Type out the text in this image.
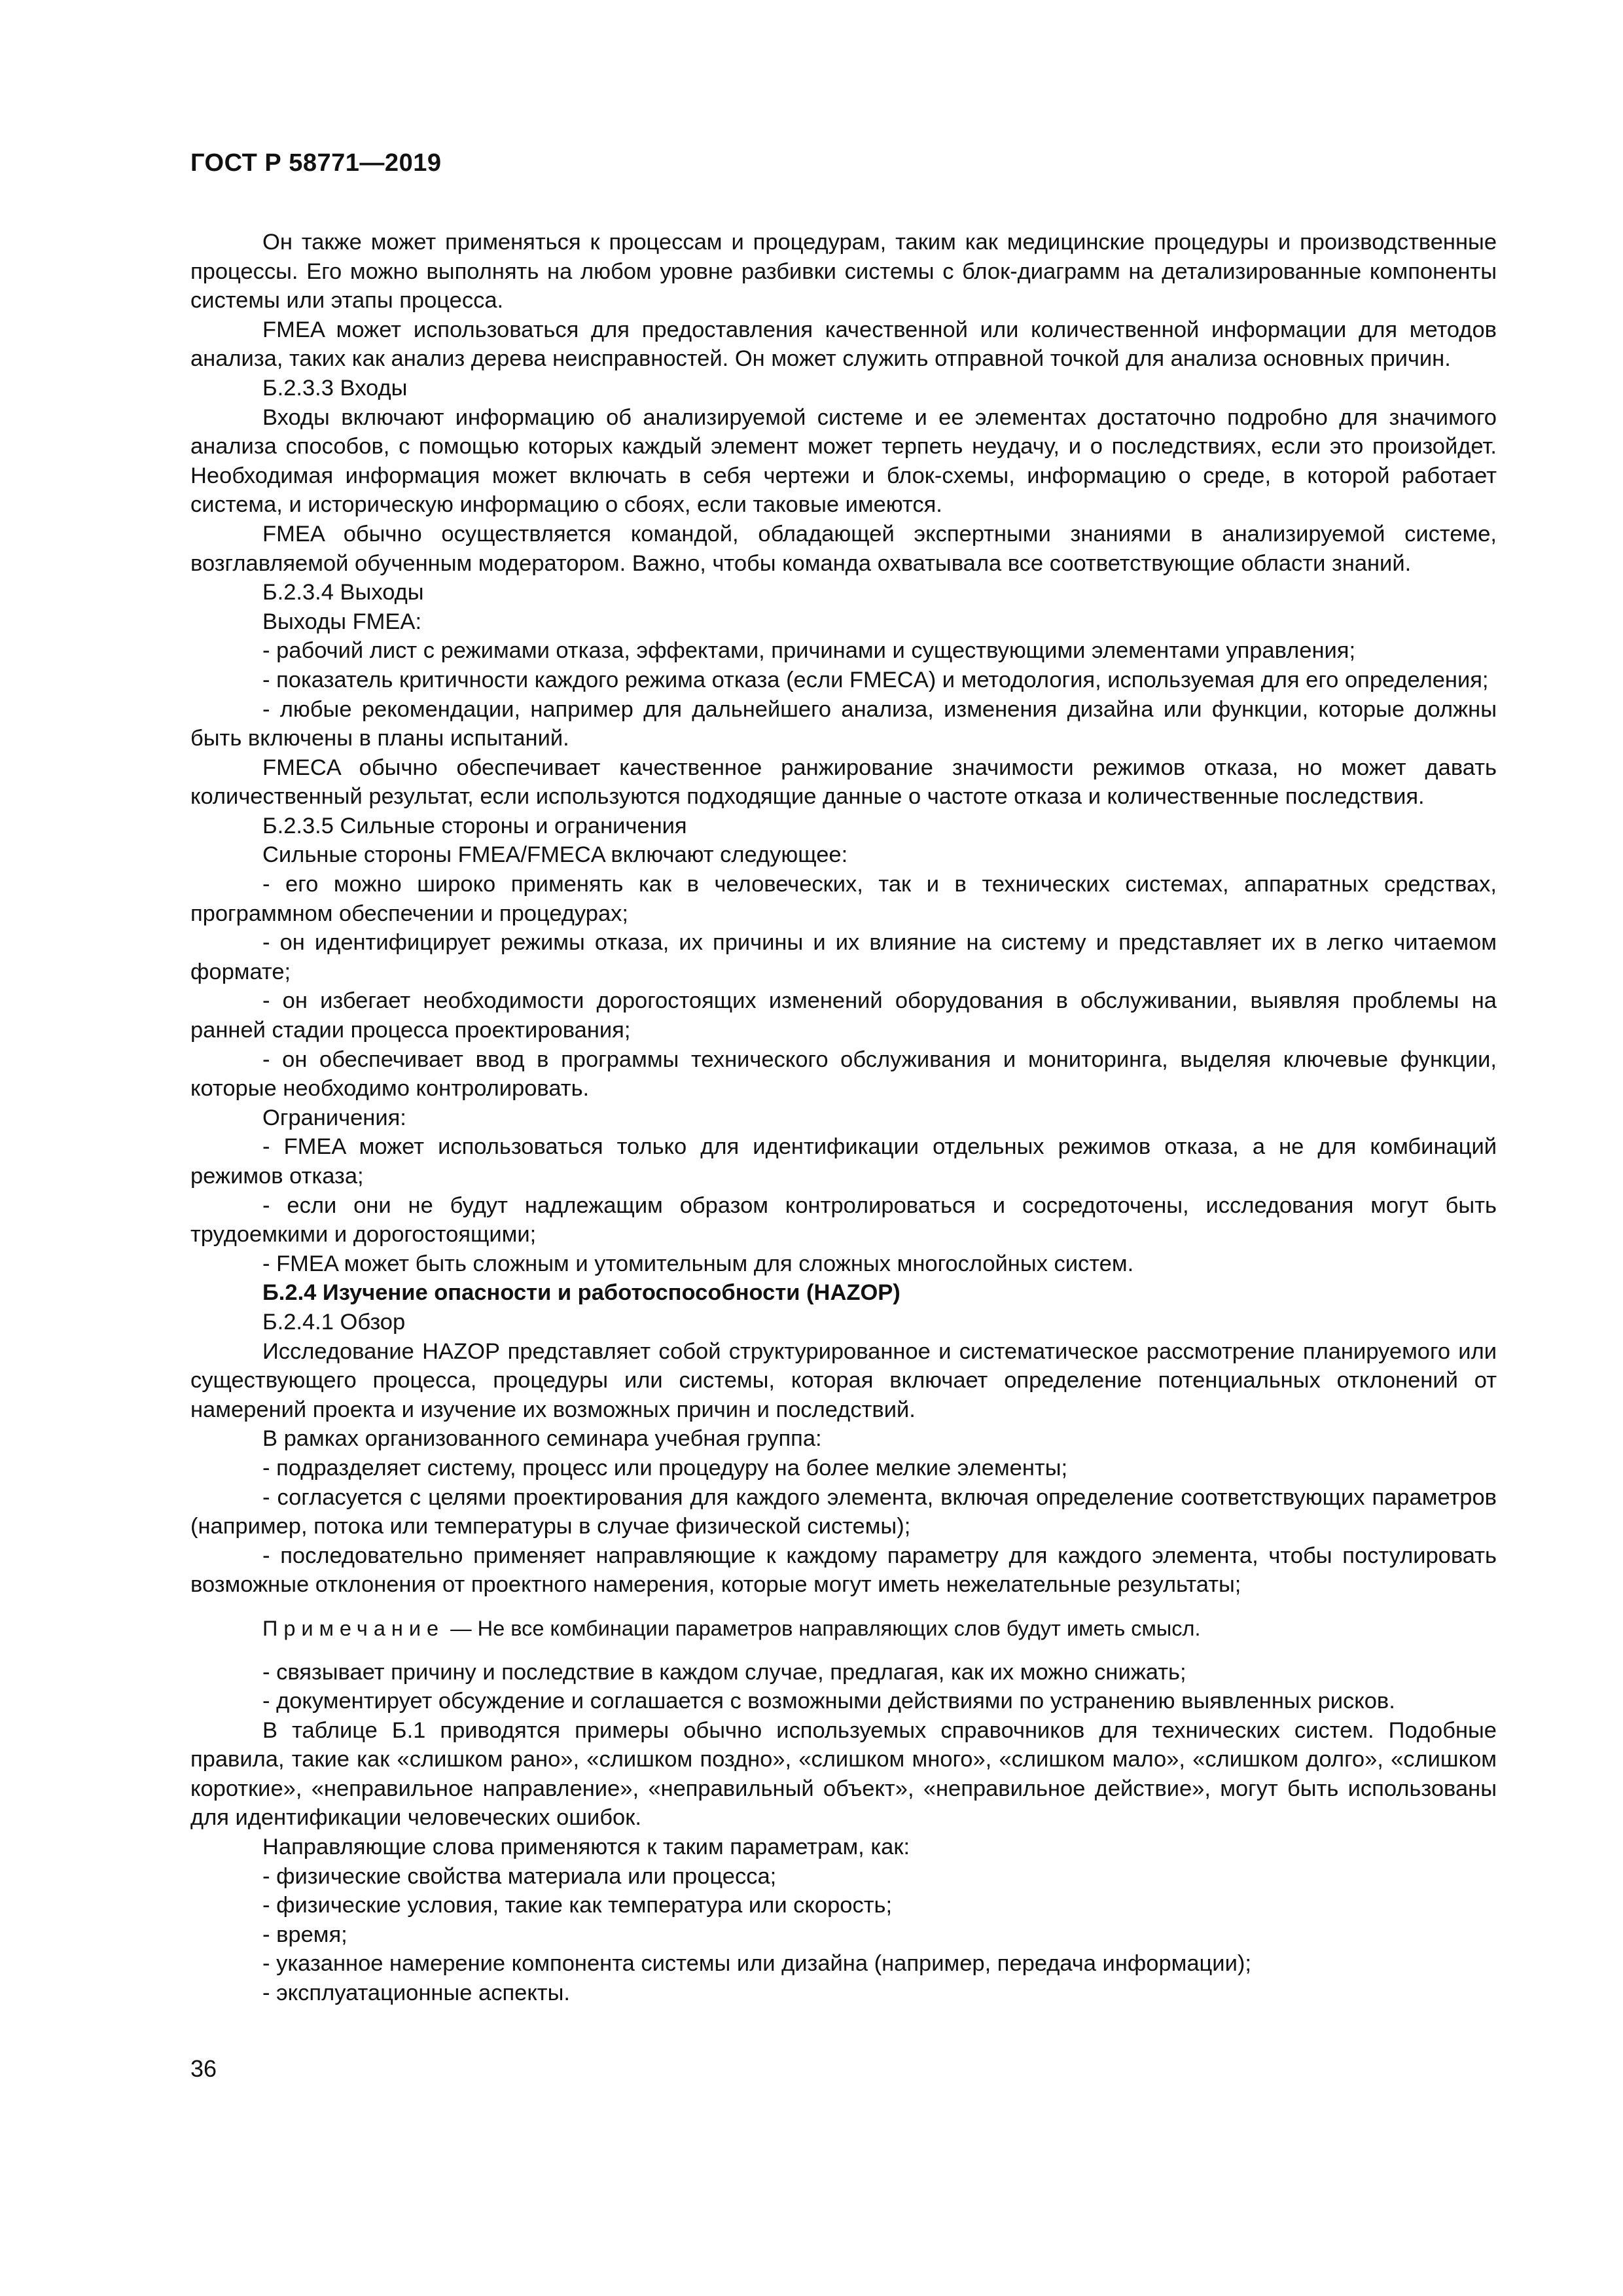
ГОСТ Р 58771—2019

Он также может применяться к процессам и процедурам, таким как медицинские процедуры и производственные процессы. Его можно выполнять на любом уровне разбивки системы с блок-диаграмм на детализированные компоненты системы или этапы процесса.

FMEA может использоваться для предоставления качественной или количественной информации для методов анализа, таких как анализ дерева неисправностей. Он может служить отправной точкой для анализа основных причин.

Б.2.3.3 Входы

Входы включают информацию об анализируемой системе и ее элементах достаточно подробно для значимого анализа способов, с помощью которых каждый элемент может терпеть неудачу, и о последствиях, если это произойдет. Необходимая информация может включать в себя чертежи и блок-схемы, информацию о среде, в которой работает система, и историческую информацию о сбоях, если таковые имеются.

FMEA обычно осуществляется командой, обладающей экспертными знаниями в анализируемой системе, возглавляемой обученным модератором. Важно, чтобы команда охватывала все соответствующие области знаний.

Б.2.3.4 Выходы

Выходы FMEA:

- рабочий лист с режимами отказа, эффектами, причинами и существующими элементами управления;

- показатель критичности каждого режима отказа (если FMECA) и методология, используемая для его определения;

- любые рекомендации, например для дальнейшего анализа, изменения дизайна или функции, которые должны быть включены в планы испытаний.

FMECA обычно обеспечивает качественное ранжирование значимости режимов отказа, но может давать количественный результат, если используются подходящие данные о частоте отказа и количественные последствия.

Б.2.3.5 Сильные стороны и ограничения

Сильные стороны FMEA/FMECA включают следующее:

- его можно широко применять как в человеческих, так и в технических системах, аппаратных средствах, программном обеспечении и процедурах;

- он идентифицирует режимы отказа, их причины и их влияние на систему и представляет их в легко читаемом формате;

- он избегает необходимости дорогостоящих изменений оборудования в обслуживании, выявляя проблемы на ранней стадии процесса проектирования;

- он обеспечивает ввод в программы технического обслуживания и мониторинга, выделяя ключевые функции, которые необходимо контролировать.

Ограничения:

- FMEA может использоваться только для идентификации отдельных режимов отказа, а не для комбинаций режимов отказа;

- если они не будут надлежащим образом контролироваться и сосредоточены, исследования могут быть трудоемкими и дорогостоящими;

- FMEA может быть сложным и утомительным для сложных многослойных систем.

Б.2.4 Изучение опасности и работоспособности (HAZOP)

Б.2.4.1 Обзор

Исследование HAZOP представляет собой структурированное и систематическое рассмотрение планируемого или существующего процесса, процедуры или системы, которая включает определение потенциальных отклонений от намерений проекта и изучение их возможных причин и последствий.

В рамках организованного семинара учебная группа:

- подразделяет систему, процесс или процедуру на более мелкие элементы;

- согласуется с целями проектирования для каждого элемента, включая определение соответствующих параметров (например, потока или температуры в случае физической системы);

- последовательно применяет направляющие к каждому параметру для каждого элемента, чтобы постулировать возможные отклонения от проектного намерения, которые могут иметь нежелательные результаты;

Примечание — Не все комбинации параметров направляющих слов будут иметь смысл.

- связывает причину и последствие в каждом случае, предлагая, как их можно снижать;

- документирует обсуждение и соглашается с возможными действиями по устранению выявленных рисков.

В таблице Б.1 приводятся примеры обычно используемых справочников для технических систем. Подобные правила, такие как «слишком рано», «слишком поздно», «слишком много», «слишком мало», «слишком долго», «слишком короткие», «неправильное направление», «неправильный объект», «неправильное действие», могут быть использованы для идентификации человеческих ошибок.

Направляющие слова применяются к таким параметрам, как:

- физические свойства материала или процесса;

- физические условия, такие как температура или скорость;

- время;

- указанное намерение компонента системы или дизайна (например, передача информации);

- эксплуатационные аспекты.

36
